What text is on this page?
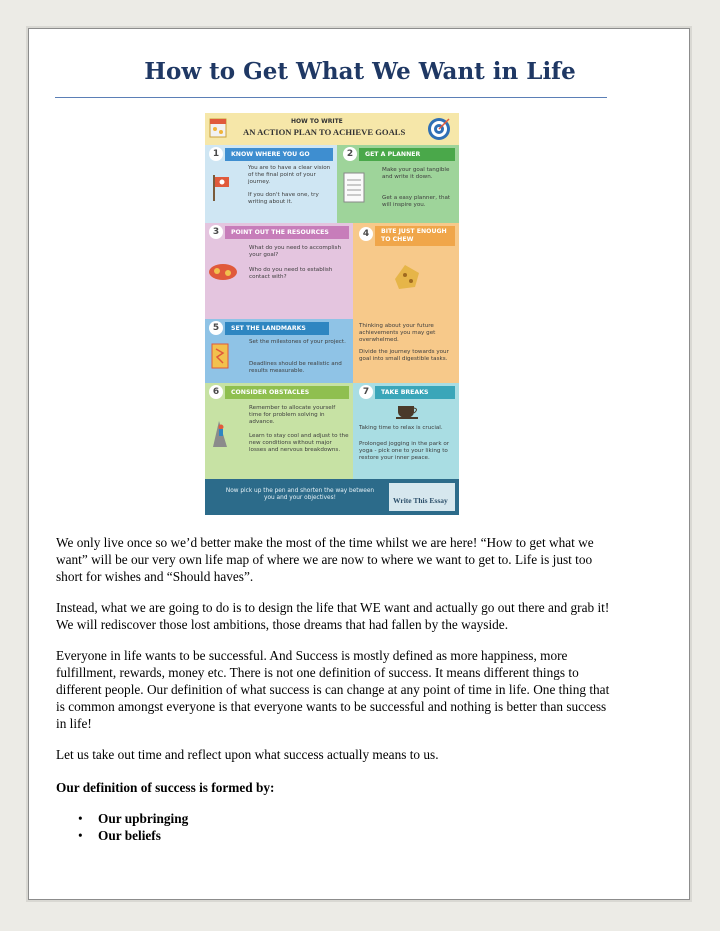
How to Get What We Want in Life
HOW TO WRITE
AN ACTION PLAN TO ACHIEVE GOALS
KNOW WHERE YOU GO
1
You are to have a clear vision of the final point of your journey.
If you don't have one, try writing about it.
GET A PLANNER
2
Make your goal tangible and write it down.
Get a easy planner, that will inspire you.
POINT OUT THE RESOURCES
3
What do you need to accomplish your goal?
Who do you need to establish contact with?
BITE JUST ENOUGH TO CHEW
4
Thinking about your future achievements you may get overwhelmed.
Divide the journey towards your goal into small digestible tasks.
SET THE LANDMARKS
5
Set the milestones of your project.
Deadlines should be realistic and results measurable.
CONSIDER OBSTACLES
6
Remember to allocate yourself time for problem solving in advance.
Learn to stay cool and adjust to the new conditions without major losses and nervous breakdowns.
TAKE BREAKS
7
Taking time to relax is crucial.
Prolonged jogging in the park or yoga - pick one to your liking to restore your inner peace.
Now pick up the pen and shorten the way between you and your objectives!	Write This Essay

We only live once so we’d better make the most of the time whilst we are here! “How to get what we want” will be our very own life map of where we are now to where we want to get to. Life is just too short for wishes and “Should haves”.

Instead, what we are going to do is to design the life that WE want and actually go out there and grab it! We will rediscover those lost ambitions, those dreams that had fallen by the wayside.

Everyone in life wants to be successful. And Success is mostly defined as more happiness, more fulfillment, rewards, money etc. There is not one definition of success. It means different things to different people. Our definition of what success is can change at any point of time in life. One thing that is common amongst everyone is that everyone wants to be successful and nothing is better than success in life!

Let us take out time and reflect upon what success actually means to us.

Our definition of success is formed by:

• Our upbringing
• Our beliefs
